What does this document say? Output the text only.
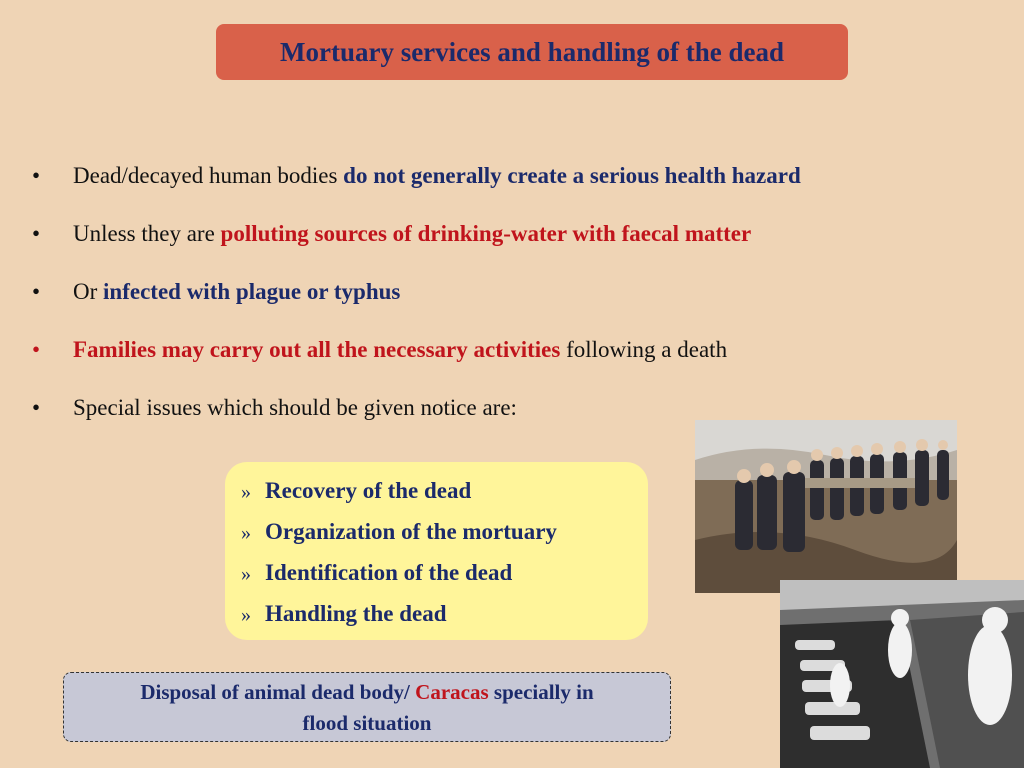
Mortuary services and handling of the dead
• Dead/decayed human bodies do not generally create a serious health hazard
• Unless they are polluting sources of drinking-water with faecal matter
• Or infected with plague or typhus
• Families may carry out all the necessary activities following a death
• Special issues which should be given notice are:
» Recovery of the dead
» Organization of the mortuary
» Identification of the dead
» Handling the dead
Disposal of animal dead body/ Caracas specially in
flood situation
